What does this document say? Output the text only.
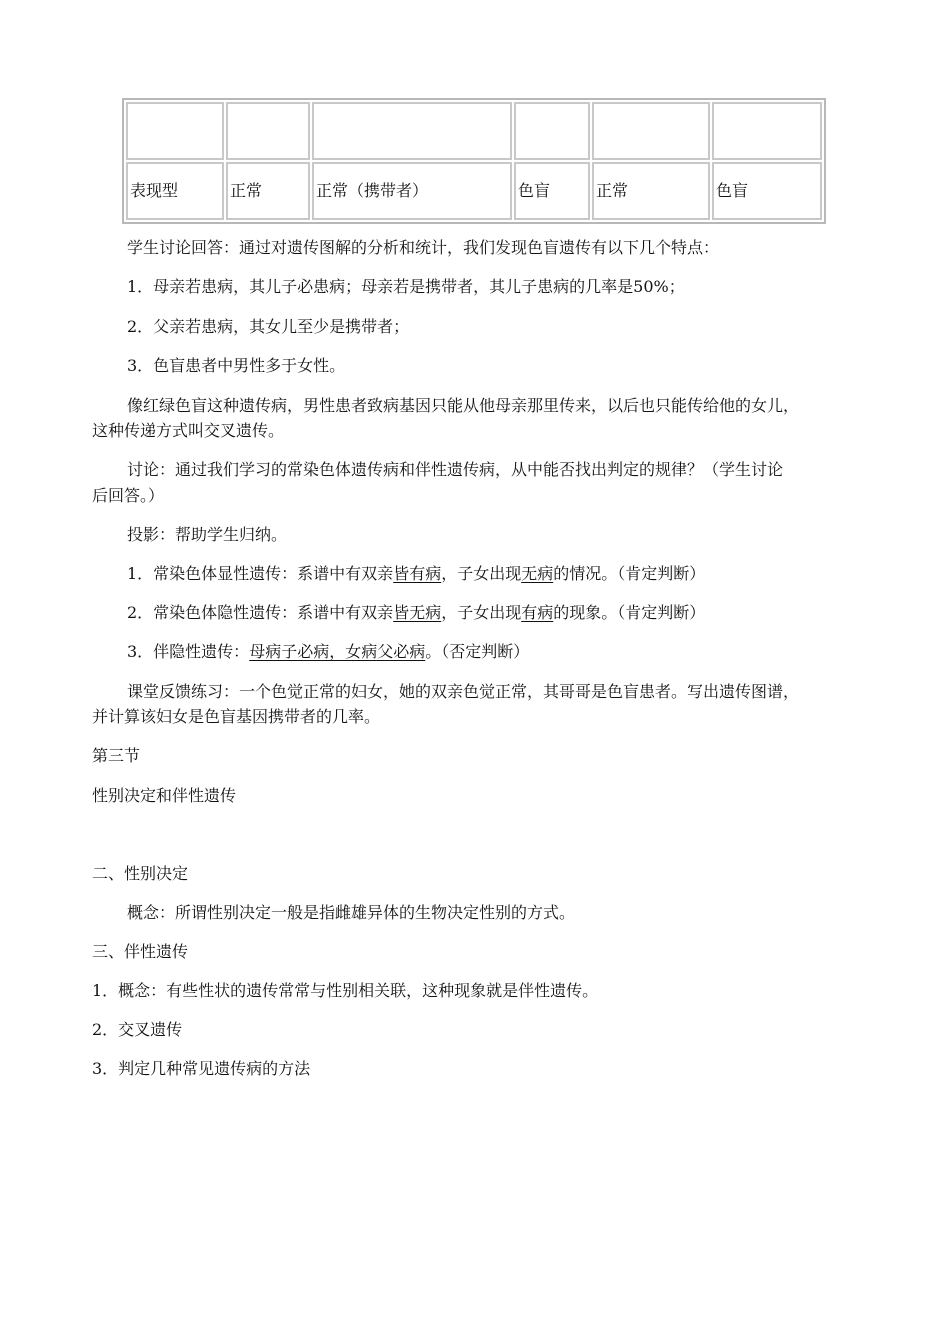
表现型	正常	正常（携带者）	色盲	正常	色盲
学生讨论回答：通过对遗传图解的分析和统计，我们发现色盲遗传有以下几个特点：
1．母亲若患病，其儿子必患病；母亲若是携带者，其儿子患病的几率是50%；
2．父亲若患病，其女儿至少是携带者；
3．色盲患者中男性多于女性。
像红绿色盲这种遗传病，男性患者致病基因只能从他母亲那里传来，以后也只能传给他的女儿，
这种传递方式叫交叉遗传。
讨论：通过我们学习的常染色体遗传病和伴性遗传病，从中能否找出判定的规律？（学生讨论
后回答。）
投影：帮助学生归纳。
1．常染色体显性遗传：系谱中有双亲皆有病，子女出现无病的情况。（肯定判断）
2．常染色体隐性遗传：系谱中有双亲皆无病，子女出现有病的现象。（肯定判断）
3．伴隐性遗传：母病子必病，女病父必病。（否定判断）
课堂反馈练习：一个色觉正常的妇女，她的双亲色觉正常，其哥哥是色盲患者。写出遗传图谱，
并计算该妇女是色盲基因携带者的几率。
第三节
性别决定和伴性遗传
二、性别决定
概念：所谓性别决定一般是指雌雄异体的生物决定性别的方式。
三、伴性遗传
1．概念：有些性状的遗传常常与性别相关联，这种现象就是伴性遗传。
2．交叉遗传
3．判定几种常见遗传病的方法
